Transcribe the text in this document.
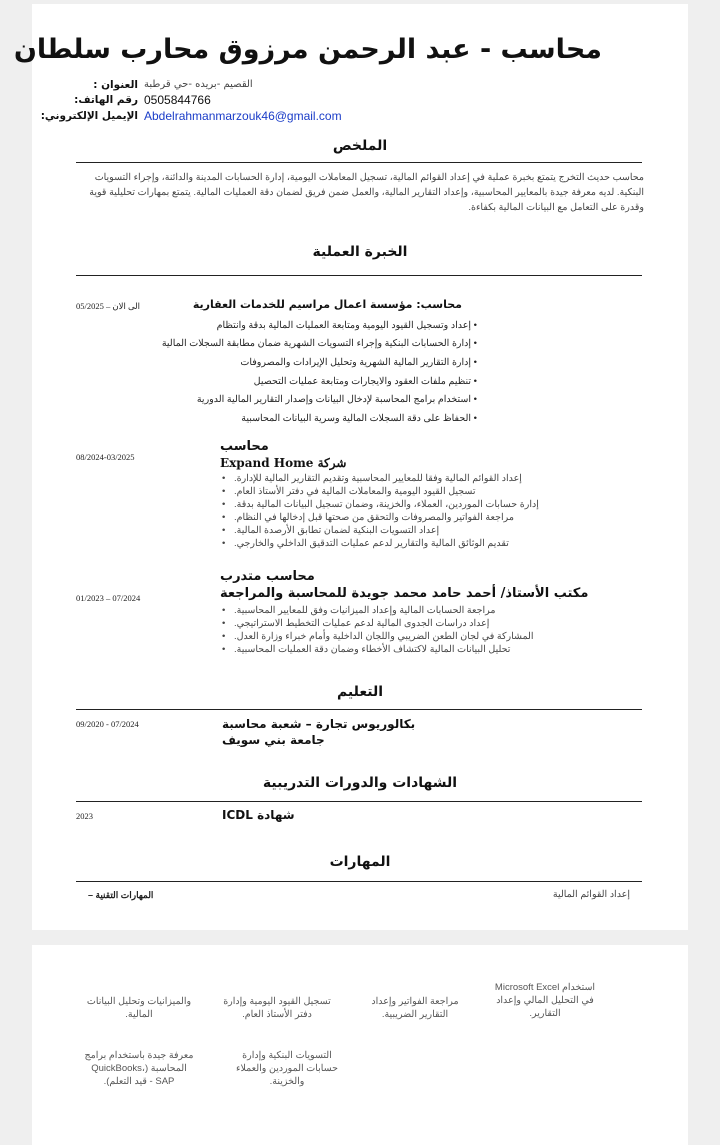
محاسب - عبد الرحمن مرزوق محارب سلطان
العنوان : القصيم -بريده -حي قرطبة
رقم الهاتف: 0505844766
الإيميل الإلكتروني: Abdelrahmanmarzouk46@gmail.com
الملخص
محاسب حديث التخرج يتمتع بخبرة عملية في إعداد القوائم المالية، تسجيل المعاملات اليومية، إدارة الحسابات المدينة والدائنة، وإجراء التسويات البنكية. لديه معرفة جيدة بالمعايير المحاسبية، وإعداد التقارير المالية، والعمل ضمن فريق لضمان دقة العمليات المالية. يتمتع بمهارات تحليلية قوية وقدرة على التعامل مع البيانات المالية بكفاءة.
الخبرة العملية
05/2025 – الى الان	محاسب: مؤسسة اعمال مراسيم للخدمات العقارية
• إعداد وتسجيل القيود اليومية ومتابعة العمليات المالية بدقة وانتظام
• إدارة الحسابات البنكية وإجراء التسويات الشهرية ضمان مطابقة السجلات المالية
• إدارة التقارير المالية الشهرية وتحليل الإيرادات والمصروفات
• تنظيم ملفات العقود والايجارات ومتابعة عمليات التحصيل
• استخدام برامج المحاسبة لإدخال البيانات وإصدار التقارير المالية الدورية
• الحفاظ على دقة السجلات المالية وسرية البيانات المحاسبية
08/2024-03/2025
محاسب
شركة Expand Home
• إعداد القوائم المالية وفقا للمعايير المحاسبية وتقديم التقارير المالية للإدارة.
• تسجيل القيود اليومية والمعاملات المالية في دفتر الأستاذ العام.
• إدارة حسابات الموردين، العملاء، والخزينة، وضمان تسجيل البيانات المالية بدقة.
• مراجعة الفواتير والمصروفات والتحقق من صحتها قبل إدخالها في النظام.
• إعداد التسويات البنكية لضمان تطابق الأرصدة المالية.
• تقديم الوثائق المالية والتقارير لدعم عمليات التدقيق الداخلي والخارجي.
01/2023 – 07/2024
محاسب متدرب
مكتب الأستاذ/ أحمد حامد محمد جويدة للمحاسبة والمراجعة
• مراجعة الحسابات المالية وإعداد الميزانيات وفق للمعايير المحاسبية.
• إعداد دراسات الجدوى المالية لدعم عمليات التخطيط الاستراتيجي.
• المشاركة في لجان الطعن الضريبي واللجان الداخلية وأمام خبراء وزارة العدل.
• تحليل البيانات المالية لاكتشاف الأخطاء وضمان دقة العمليات المحاسبية.
التعليم
09/2020 - 07/2024	بكالوريوس تجارة – شعبة محاسبة
جامعة بني سويف
الشهادات والدورات التدريبية
2023	شهادة ICDL
المهارات
إعداد القوائم المالية
المهارات التقنية –
استخدام Microsoft Excel في التحليل المالي وإعداد التقارير.
مراجعة الفواتير وإعداد التقارير الضريبية.
تسجيل القيود اليومية وإدارة دفتر الأستاذ العام.
والميزانيات وتحليل البيانات المالية.
التسويات البنكية وإدارة حسابات الموردين والعملاء والخزينة.
معرفة جيدة باستخدام برامج المحاسبة (QuickBooks، SAP - قيد التعلم).
